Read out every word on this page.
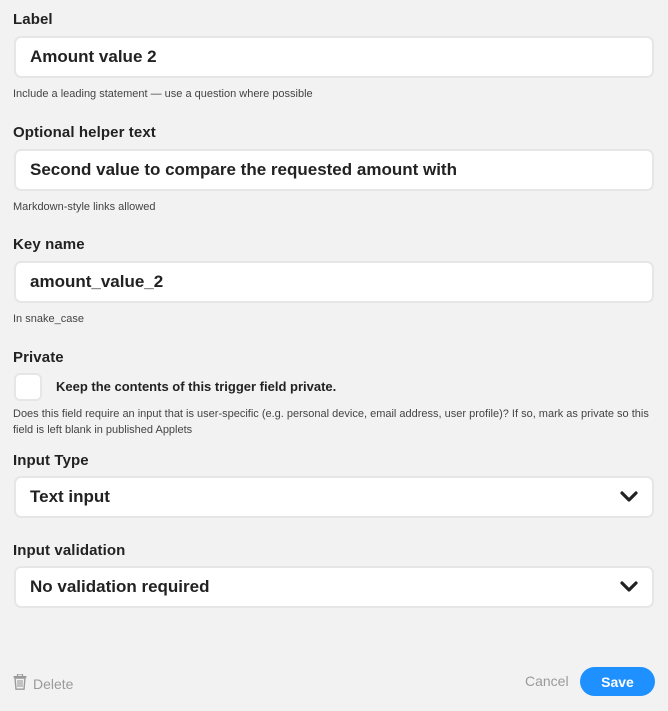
Label
Amount value 2
Include a leading statement — use a question where possible
Optional helper text
Second value to compare the requested amount with
Markdown-style links allowed
Key name
amount_value_2
In snake_case
Private
Keep the contents of this trigger field private.
Does this field require an input that is user-specific (e.g. personal device, email address, user profile)? If so, mark as private so this field is left blank in published Applets
Input Type
Text input
Input validation
No validation required
Delete	Cancel	Save
